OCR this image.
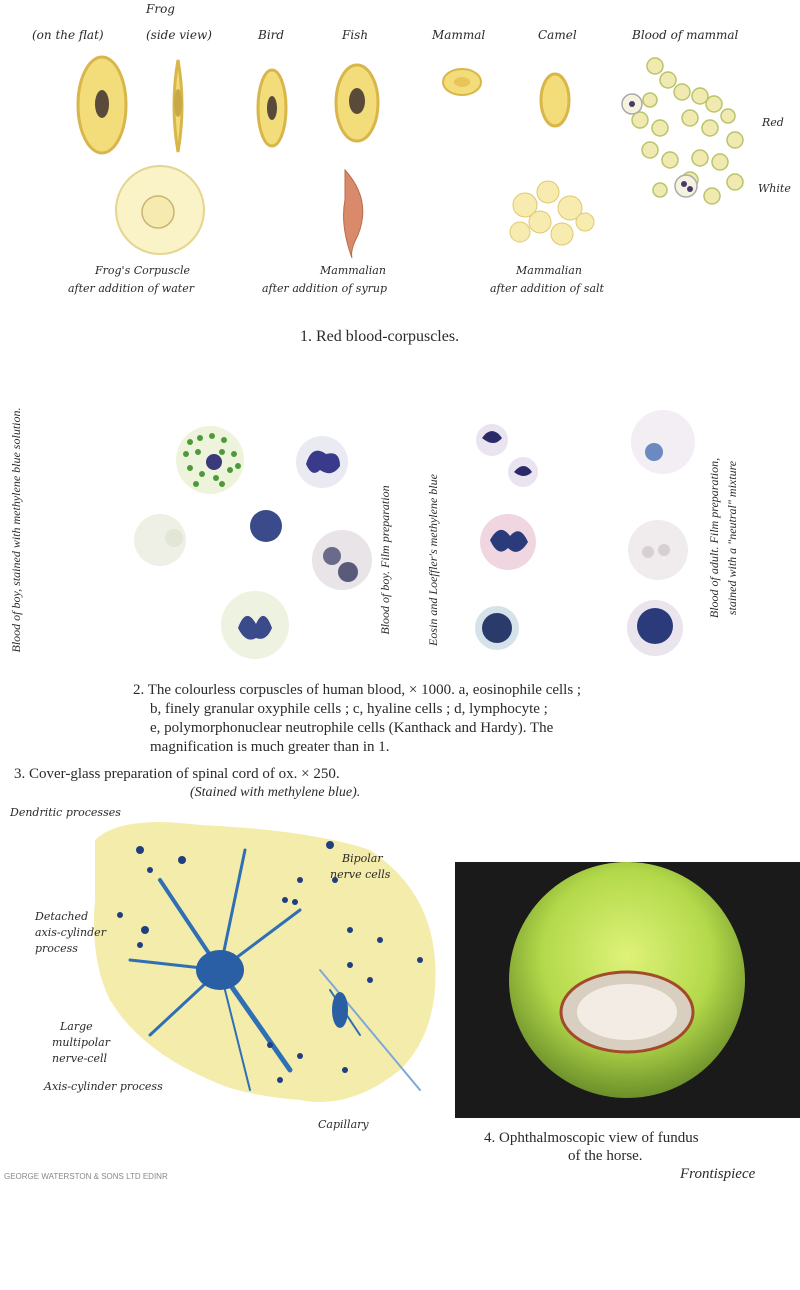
Frog
(on the flat)	(side view)	Bird	Fish	Mammal	Camel	Blood of mammal
Red
White
Frog's Corpuscle
after addition of water
Mammalian
after addition of syrup
Mammalian
after addition of salt
1. Red blood-corpuscles.
Blood of boy, stained with methylene blue solution.	Blood of boy. Film preparation	Eosin and Loeffler's methylene blue	Blood of adult. Film preparation, stained with a "neutral" mixture
2. The colourless corpuscles of human blood, × 1000. a, eosinophile cells ;
b, finely granular oxyphile cells ; c, hyaline cells ; d, lymphocyte ;
e, polymorphonuclear neutrophile cells (Kanthack and Hardy). The
magnification is much greater than in 1.
3. Cover-glass preparation of spinal cord of ox. × 250.
(Stained with methylene blue).
Dendritic processes
Detached
axis-cylinder
process
Large
multipolar
nerve-cell
Axis-cylinder process
Bipolar
nerve cells
Capillary
4. Ophthalmoscopic view of fundus
of the horse.
GEORGE WATERSTON & SONS LTD EDINR	Frontispiece
